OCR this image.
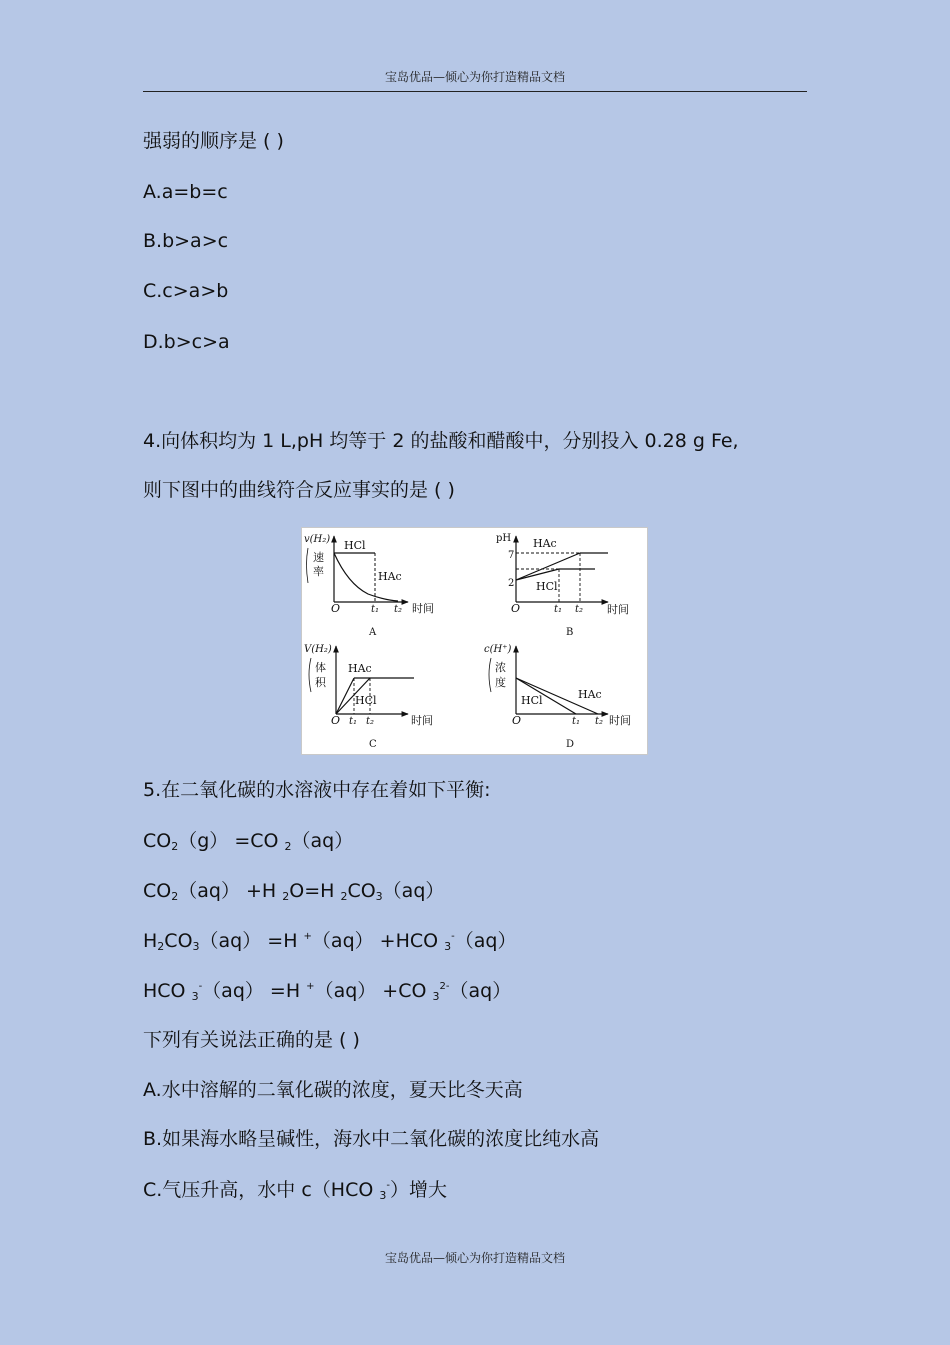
宝岛优品—倾心为你打造精品文档
强弱的顺序是 ( )
A.a=b=c
B.b>a>c
C.c>a>b
D.b>c>a
4.向体积均为 1 L,pH 均等于 2 的盐酸和醋酸中，分别投入 0.28 g Fe,
则下图中的曲线符合反应事实的是 ( )
v(H₂)
速
率
HCl
HAc
O	t₁ t₂ 时间
A
pH
7
2
HAc
HCl
O	t₁ t₂ 时间
B
V(H₂)
体
积
HAc
HCl
O t₁ t₂	时间
C
c(H⁺)
浓
度
HCl	HAc
O	t₁ t₂ 时间
D
5.在二氧化碳的水溶液中存在着如下平衡:
CO2（g） =CO 2（aq）
CO2（aq） +H 2O=H 2CO3（aq）
H2CO3（aq） =H +（aq） +HCO 3-（aq）
HCO 3-（aq） =H +（aq） +CO $3^{2-}(aq)$
下列有关说法正确的是 ( )
A.水中溶解的二氧化碳的浓度，夏天比冬天高
B.如果海水略呈碱性，海水中二氧化碳的浓度比纯水高
C.气压升高，水中 c（HCO 3-）增大
宝岛优品—倾心为你打造精品文档
